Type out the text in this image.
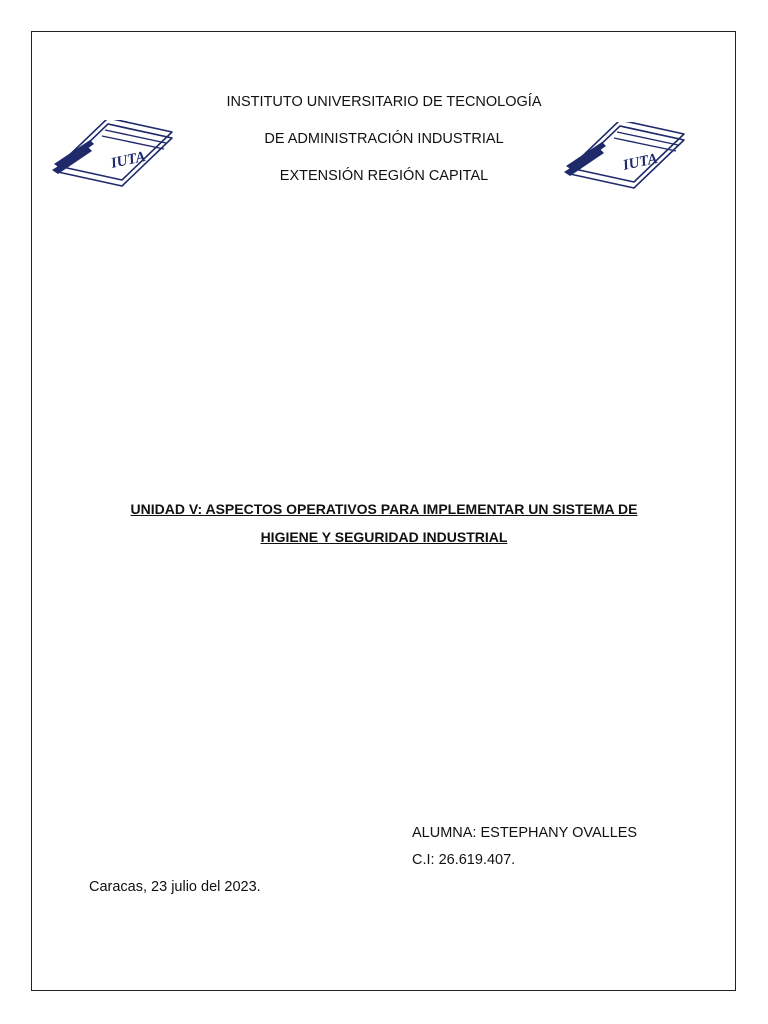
IUTA	IUTA
INSTITUTO UNIVERSITARIO DE TECNOLOGÍA
DE ADMINISTRACIÓN INDUSTRIAL
EXTENSIÓN REGIÓN CAPITAL
UNIDAD V: ASPECTOS OPERATIVOS PARA IMPLEMENTAR UN SISTEMA DE
HIGIENE Y SEGURIDAD INDUSTRIAL
ALUMNA: ESTEPHANY OVALLES
C.I: 26.619.407.
Caracas, 23 julio del 2023.
